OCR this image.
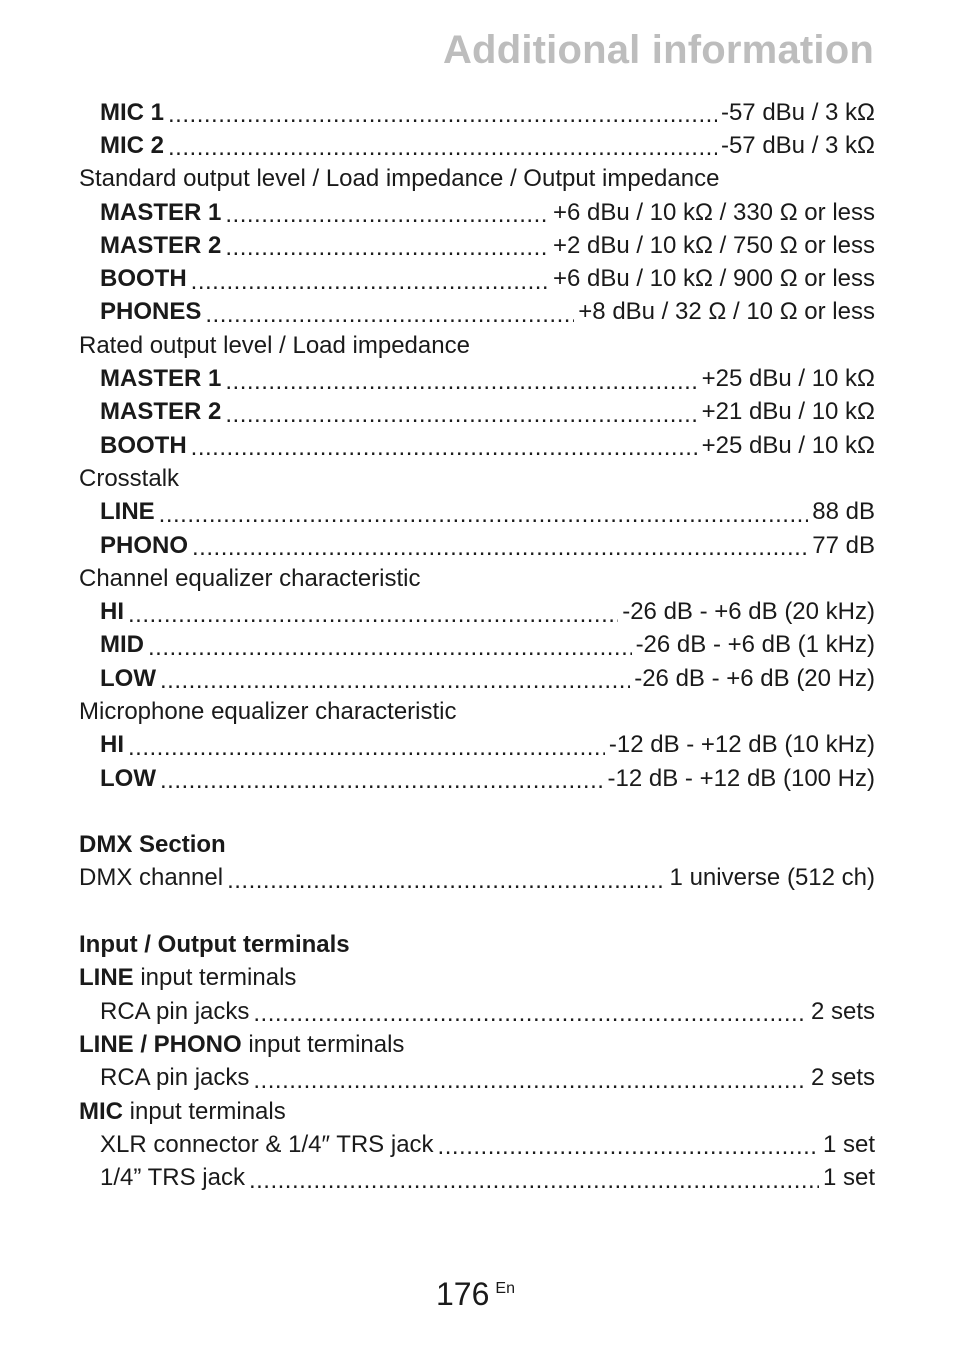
Additional information
MIC 1 .....	-57 dBu / 3 kΩ
MIC 2 .....	-57 dBu / 3 kΩ
Standard output level / Load impedance / Output impedance
MASTER 1 .....	+6 dBu / 10 kΩ / 330 Ω or less
MASTER 2 .....	+2 dBu / 10 kΩ / 750 Ω or less
BOOTH .....	+6 dBu / 10 kΩ / 900 Ω or less
PHONES .....	+8 dBu / 32 Ω / 10 Ω or less
Rated output level / Load impedance
MASTER 1 .....	+25 dBu / 10 kΩ
MASTER 2 .....	+21 dBu / 10 kΩ
BOOTH .....	+25 dBu / 10 kΩ
Crosstalk
LINE .....	88 dB
PHONO .....	77 dB
Channel equalizer characteristic
HI .....	-26 dB - +6 dB (20 kHz)
MID .....	-26 dB - +6 dB (1 kHz)
LOW .....	-26 dB - +6 dB (20 Hz)
Microphone equalizer characteristic
HI .....	-12 dB - +12 dB (10 kHz)
LOW .....	-12 dB - +12 dB (100 Hz)
DMX Section
DMX channel .....	1 universe (512 ch)
Input / Output terminals
LINE input terminals
RCA pin jacks .....	2 sets
LINE / PHONO input terminals
RCA pin jacks .....	2 sets
MIC input terminals
XLR connector & 1/4″ TRS jack .....	1 set
1/4” TRS jack .....	1 set
176 $^{En}$
